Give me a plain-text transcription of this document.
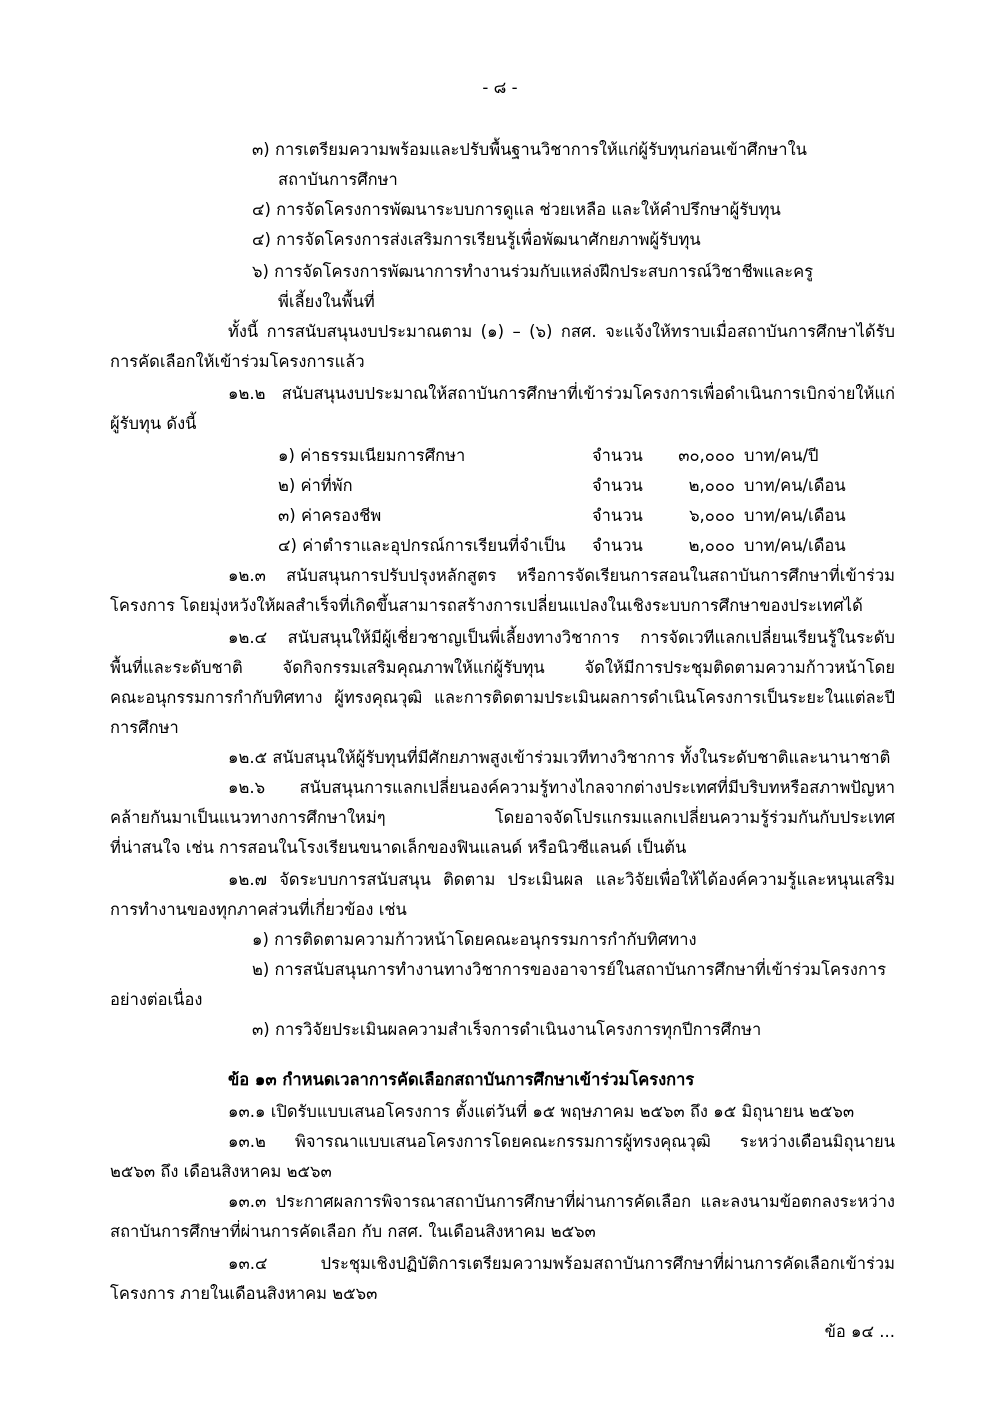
- ๘ -
๓) การเตรียมความพร้อมและปรับพื้นฐานวิชาการให้แก่ผู้รับทุนก่อนเข้าศึกษาใน
สถาบันการศึกษา
๔) การจัดโครงการพัฒนาระบบการดูแล ช่วยเหลือ และให้คำปรึกษาผู้รับทุน
๔) การจัดโครงการส่งเสริมการเรียนรู้เพื่อพัฒนาศักยภาพผู้รับทุน
๖) การจัดโครงการพัฒนาการทำงานร่วมกับแหล่งฝึกประสบการณ์วิชาชีพและครู
พี่เลี้ยงในพื้นที่
ทั้งนี้ การสนับสนุนงบประมาณตาม (๑) – (๖) กสศ. จะแจ้งให้ทราบเมื่อสถาบันการศึกษาได้รับ
การคัดเลือกให้เข้าร่วมโครงการแล้ว
๑๒.๒ สนับสนุนงบประมาณให้สถาบันการศึกษาที่เข้าร่วมโครงการเพื่อดำเนินการเบิกจ่ายให้แก่
ผู้รับทุน ดังนี้
๑) ค่าธรรมเนียมการศึกษา	จำนวน	๓๐,๐๐๐ บาท/คน/ปี
๒) ค่าที่พัก	จำนวน	๒,๐๐๐ บาท/คน/เดือน
๓) ค่าครองชีพ	จำนวน	๖,๐๐๐ บาท/คน/เดือน
๔) ค่าตำราและอุปกรณ์การเรียนที่จำเป็น จำนวน	๒,๐๐๐ บาท/คน/เดือน
๑๒.๓ สนับสนุนการปรับปรุงหลักสูตร หรือการจัดเรียนการสอนในสถาบันการศึกษาที่เข้าร่วม
โครงการ โดยมุ่งหวังให้ผลสำเร็จที่เกิดขึ้นสามารถสร้างการเปลี่ยนแปลงในเชิงระบบการศึกษาของประเทศได้
๑๒.๔ สนับสนุนให้มีผู้เชี่ยวชาญเป็นพี่เลี้ยงทางวิชาการ การจัดเวทีแลกเปลี่ยนเรียนรู้ในระดับ
พื้นที่และระดับชาติ จัดกิจกรรมเสริมคุณภาพให้แก่ผู้รับทุน จัดให้มีการประชุมติดตามความก้าวหน้าโดย
คณะอนุกรรมการกำกับทิศทาง ผู้ทรงคุณวุฒิ และการติดตามประเมินผลการดำเนินโครงการเป็นระยะในแต่ละปี
การศึกษา
๑๒.๕ สนับสนุนให้ผู้รับทุนที่มีศักยภาพสูงเข้าร่วมเวทีทางวิชาการ ทั้งในระดับชาติและนานาชาติ
๑๒.๖ สนับสนุนการแลกเปลี่ยนองค์ความรู้ทางไกลจากต่างประเทศที่มีบริบทหรือสภาพปัญหา
คล้ายกันมาเป็นแนวทางการศึกษาใหม่ๆ โดยอาจจัดโปรแกรมแลกเปลี่ยนความรู้ร่วมกันกับประเทศ
ที่น่าสนใจ เช่น การสอนในโรงเรียนขนาดเล็กของฟินแลนด์ หรือนิวซีแลนด์ เป็นต้น
๑๒.๗ จัดระบบการสนับสนุน ติดตาม ประเมินผล และวิจัยเพื่อให้ได้องค์ความรู้และหนุนเสริม
การทำงานของทุกภาคส่วนที่เกี่ยวข้อง เช่น
๑) การติดตามความก้าวหน้าโดยคณะอนุกรรมการกำกับทิศทาง
๒) การสนับสนุนการทำงานทางวิชาการของอาจารย์ในสถาบันการศึกษาที่เข้าร่วมโครงการ
อย่างต่อเนื่อง
๓) การวิจัยประเมินผลความสำเร็จการดำเนินงานโครงการทุกปีการศึกษา
ข้อ ๑๓ กำหนดเวลาการคัดเลือกสถาบันการศึกษาเข้าร่วมโครงการ
๑๓.๑ เปิดรับแบบเสนอโครงการ ตั้งแต่วันที่ ๑๕ พฤษภาคม ๒๕๖๓ ถึง ๑๕ มิถุนายน ๒๕๖๓
๑๓.๒ พิจารณาแบบเสนอโครงการโดยคณะกรรมการผู้ทรงคุณวุฒิ ระหว่างเดือนมิถุนายน
๒๕๖๓ ถึง เดือนสิงหาคม ๒๕๖๓
๑๓.๓ ประกาศผลการพิจารณาสถาบันการศึกษาที่ผ่านการคัดเลือก และลงนามข้อตกลงระหว่าง
สถาบันการศึกษาที่ผ่านการคัดเลือก กับ กสศ. ในเดือนสิงหาคม ๒๕๖๓
๑๓.๔ ประชุมเชิงปฏิบัติการเตรียมความพร้อมสถาบันการศึกษาที่ผ่านการคัดเลือกเข้าร่วม
โครงการ ภายในเดือนสิงหาคม ๒๕๖๓
ข้อ ๑๔ ...
